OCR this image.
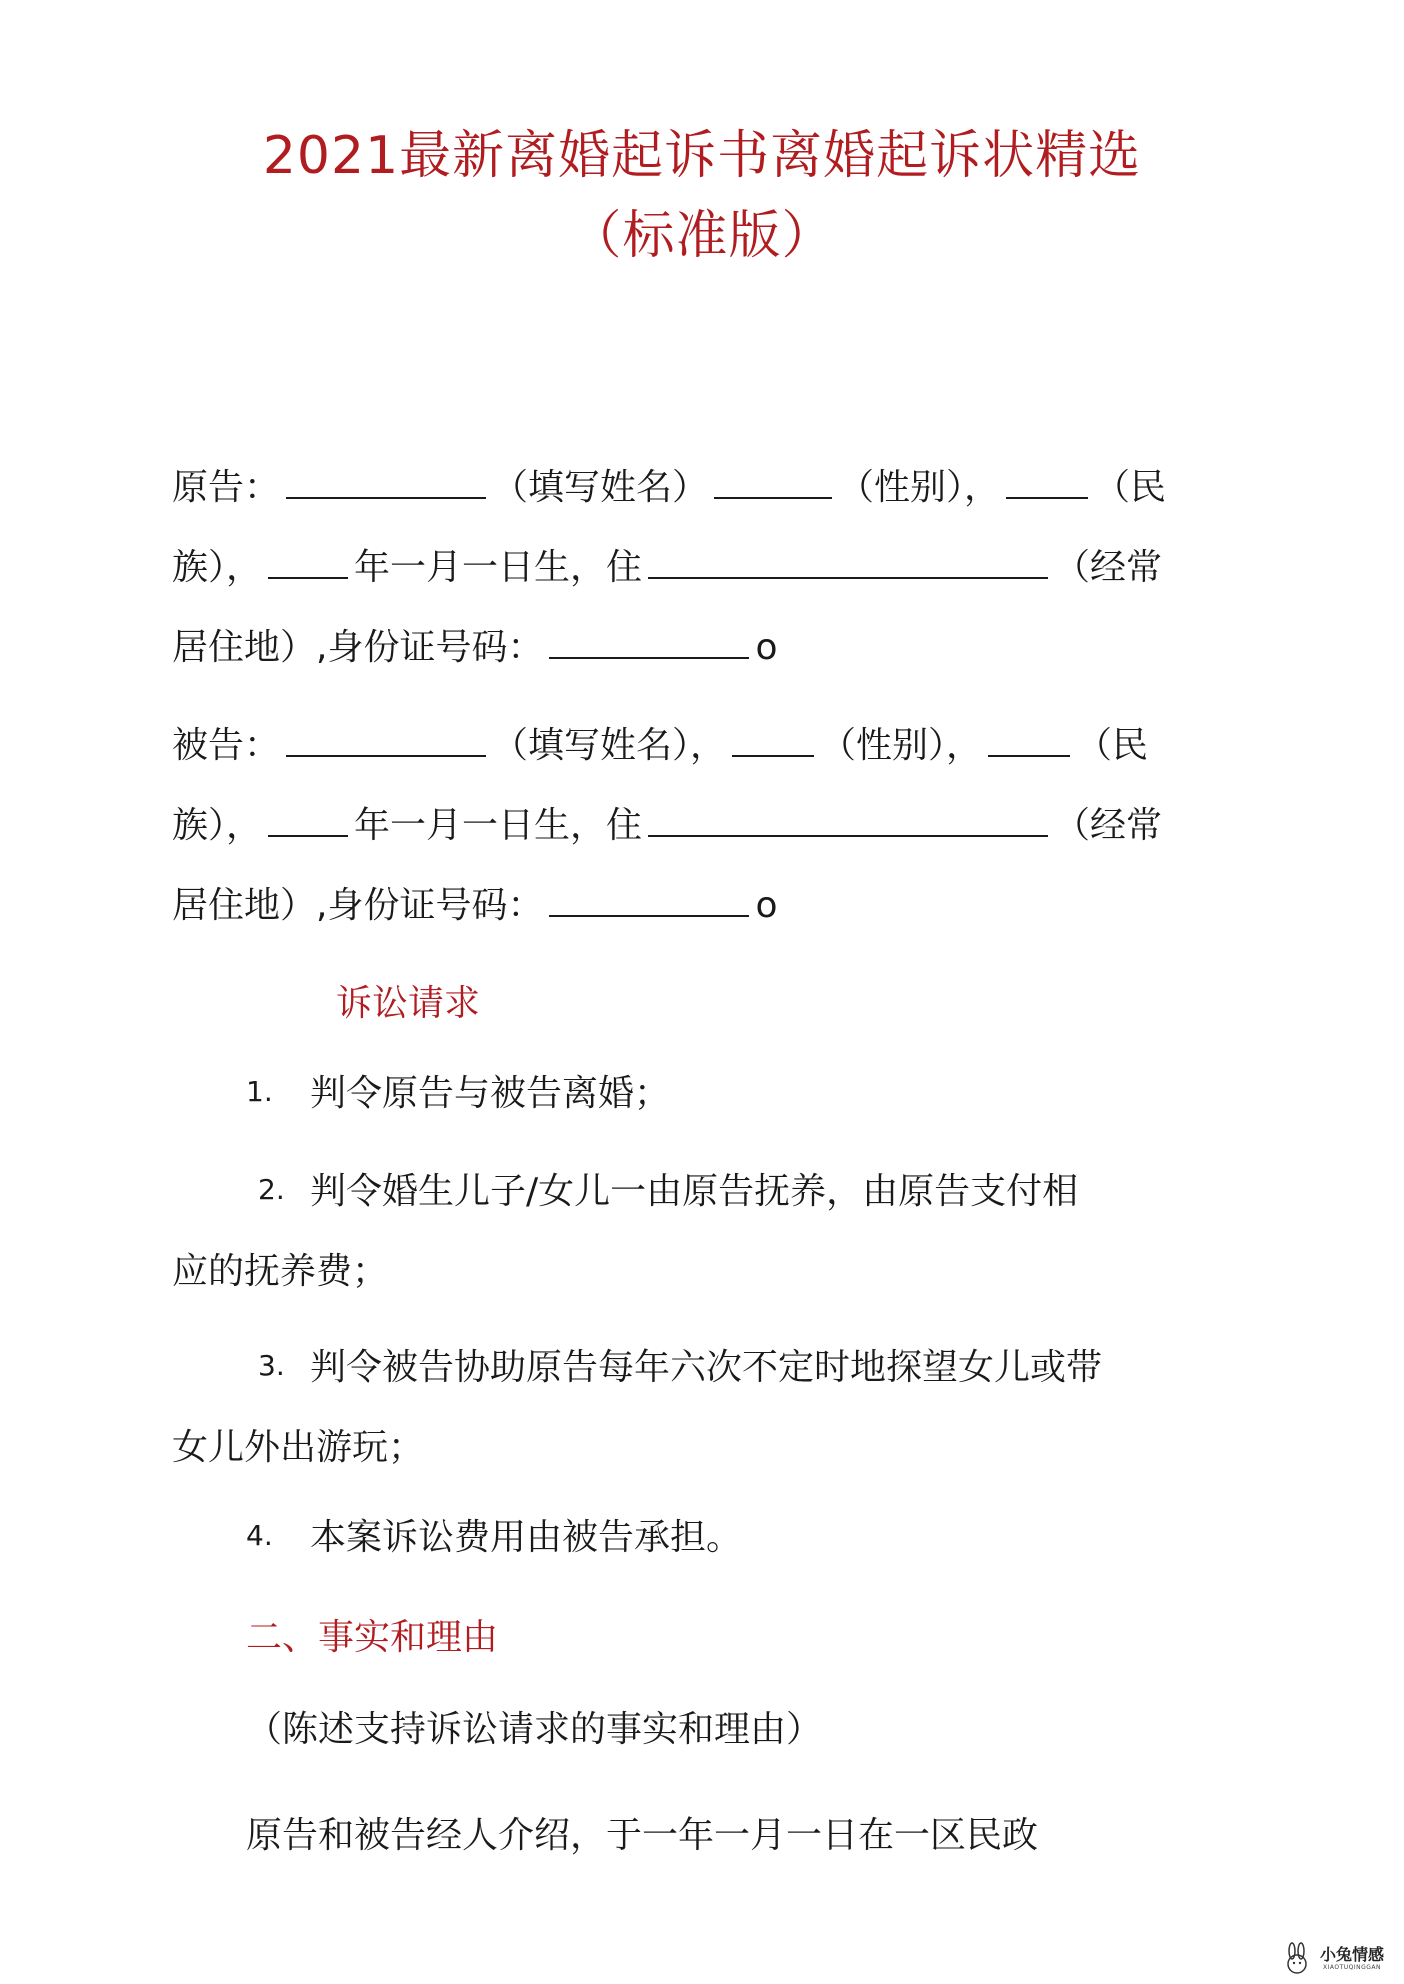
2021最新离婚起诉书离婚起诉状精选
（标准版）
原告：	（填写姓名）	（性别），	（民
族），	年一月一日生，住	（经常
居住地）,身份证号码：	o
被告：	（填写姓名），	（性别），	（民
族），	年一月一日生，住	（经常
居住地）,身份证号码：	o
诉讼请求
1. 判令原告与被告离婚；
2. 判令婚生儿子/女儿一由原告抚养，由原告支付相
应的抚养费；
3. 判令被告协助原告每年六次不定时地探望女儿或带
女儿外出游玩；
4. 本案诉讼费用由被告承担。
二、事实和理由
（陈述支持诉讼请求的事实和理由）
原告和被告经人介绍，于一年一月一日在一区民政
小兔情感
XIAOTUQINGGAN
